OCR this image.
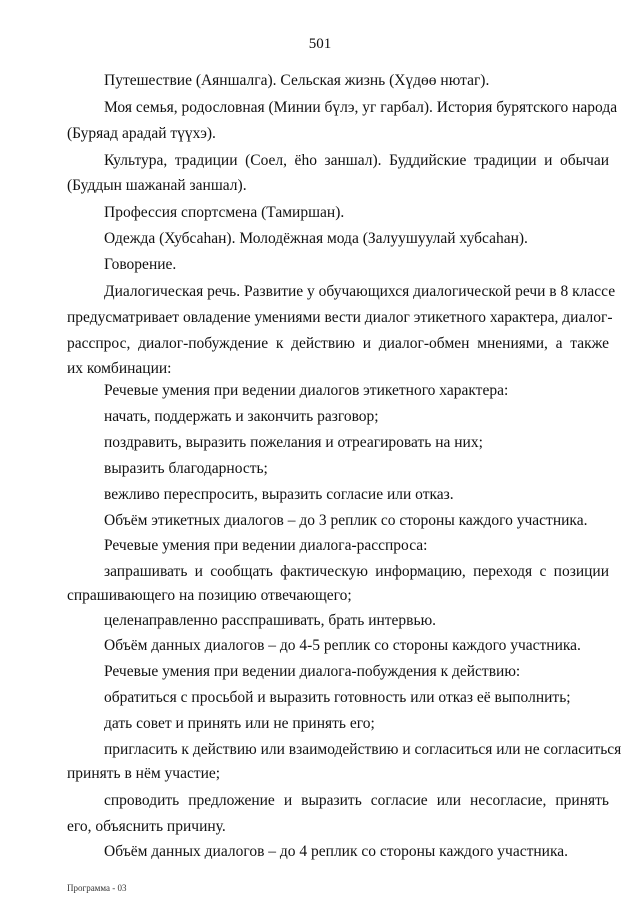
501
Путешествие (Аяншалга). Сельская жизнь (Хүдөө нютаг).
Моя семья, родословная (Минии бүлэ, уг гарбал). История бурятского народа
(Буряад арадай түүхэ).
Культура, традиции (Соел, ёһо заншал). Буддийские традиции и обычаи
(Буддын шажанай заншал).
Профессия спортсмена (Тамиршан).
Одежда (Хубсаһан). Молодёжная мода (Залуушуулай хубсаһан).
Говорение.
Диалогическая речь. Развитие у обучающихся диалогической речи в 8 классе
предусматривает овладение умениями вести диалог этикетного характера, диалог-
расспрос, диалог-побуждение к действию и диалог-обмен мнениями, а также
их комбинации:
Речевые умения при ведении диалогов этикетного характера:
начать, поддержать и закончить разговор;
поздравить, выразить пожелания и отреагировать на них;
выразить благодарность;
вежливо переспросить, выразить согласие или отказ.
Объём этикетных диалогов – до 3 реплик со стороны каждого участника.
Речевые умения при ведении диалога-расспроса:
запрашивать и сообщать фактическую информацию, переходя с позиции
спрашивающего на позицию отвечающего;
целенаправленно расспрашивать, брать интервью.
Объём данных диалогов – до 4-5 реплик со стороны каждого участника.
Речевые умения при ведении диалога-побуждения к действию:
обратиться с просьбой и выразить готовность или отказ её выполнить;
дать совет и принять или не принять его;
пригласить к действию или взаимодействию и согласиться или не согласиться
принять в нём участие;
спроводить предложение и выразить согласие или несогласие, принять
его, объяснить причину.
Объём данных диалогов – до 4 реплик со стороны каждого участника.
Программа - 03
